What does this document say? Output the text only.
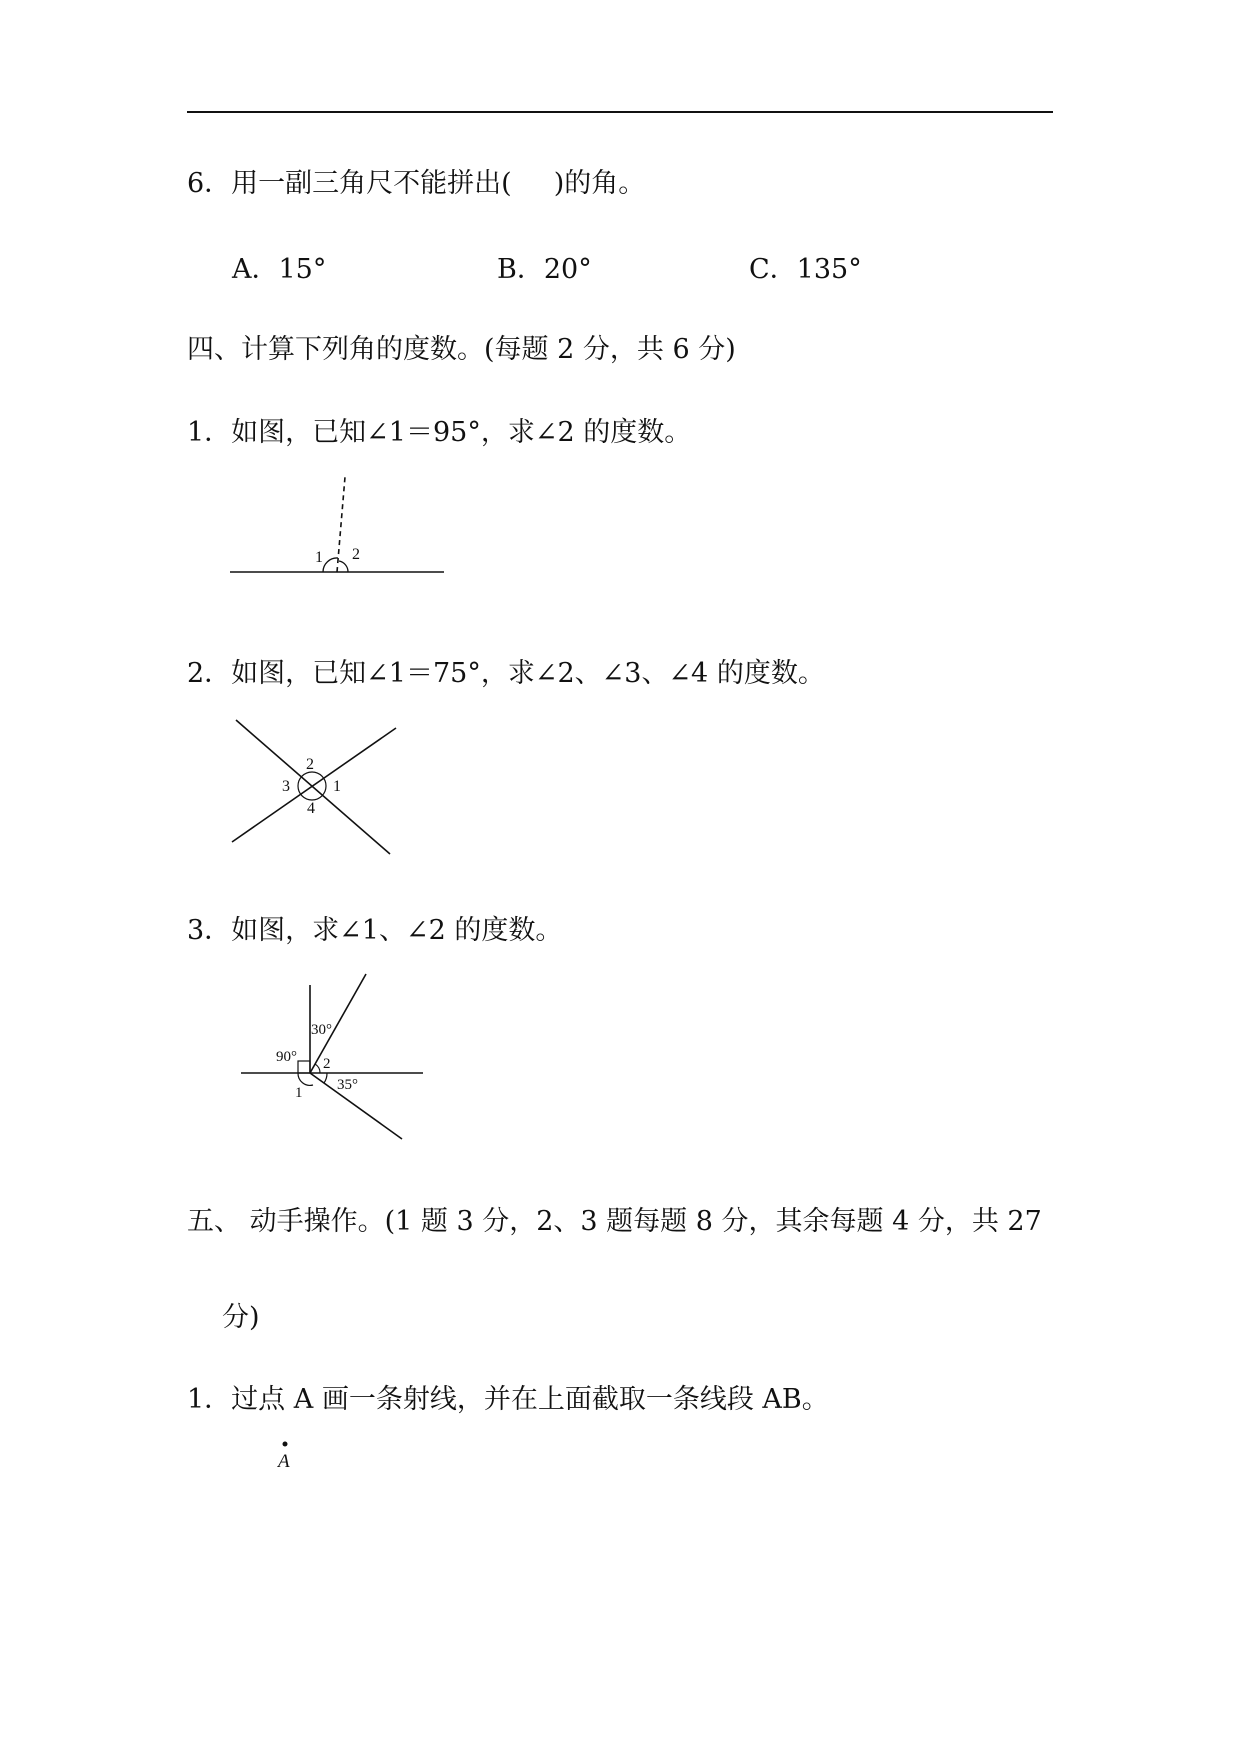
6．用一副三角尺不能拼出( )的角。
A．15°	B．20°	C．135°
四、计算下列角的度数。(每题 2 分，共 6 分)
1．如图，已知∠1＝95°，求∠2 的度数。
2．如图，已知∠1＝75°，求∠2、∠3、∠4 的度数。
3．如图，求∠1、∠2 的度数。
五、 动手操作。(1 题 3 分，2、3 题每题 8 分，其余每题 4 分，共 27
分)
1．过点 A 画一条射线，并在上面截取一条线段 AB。
1 2
2
3	1
4
30°
90° 2
35°
1
A
